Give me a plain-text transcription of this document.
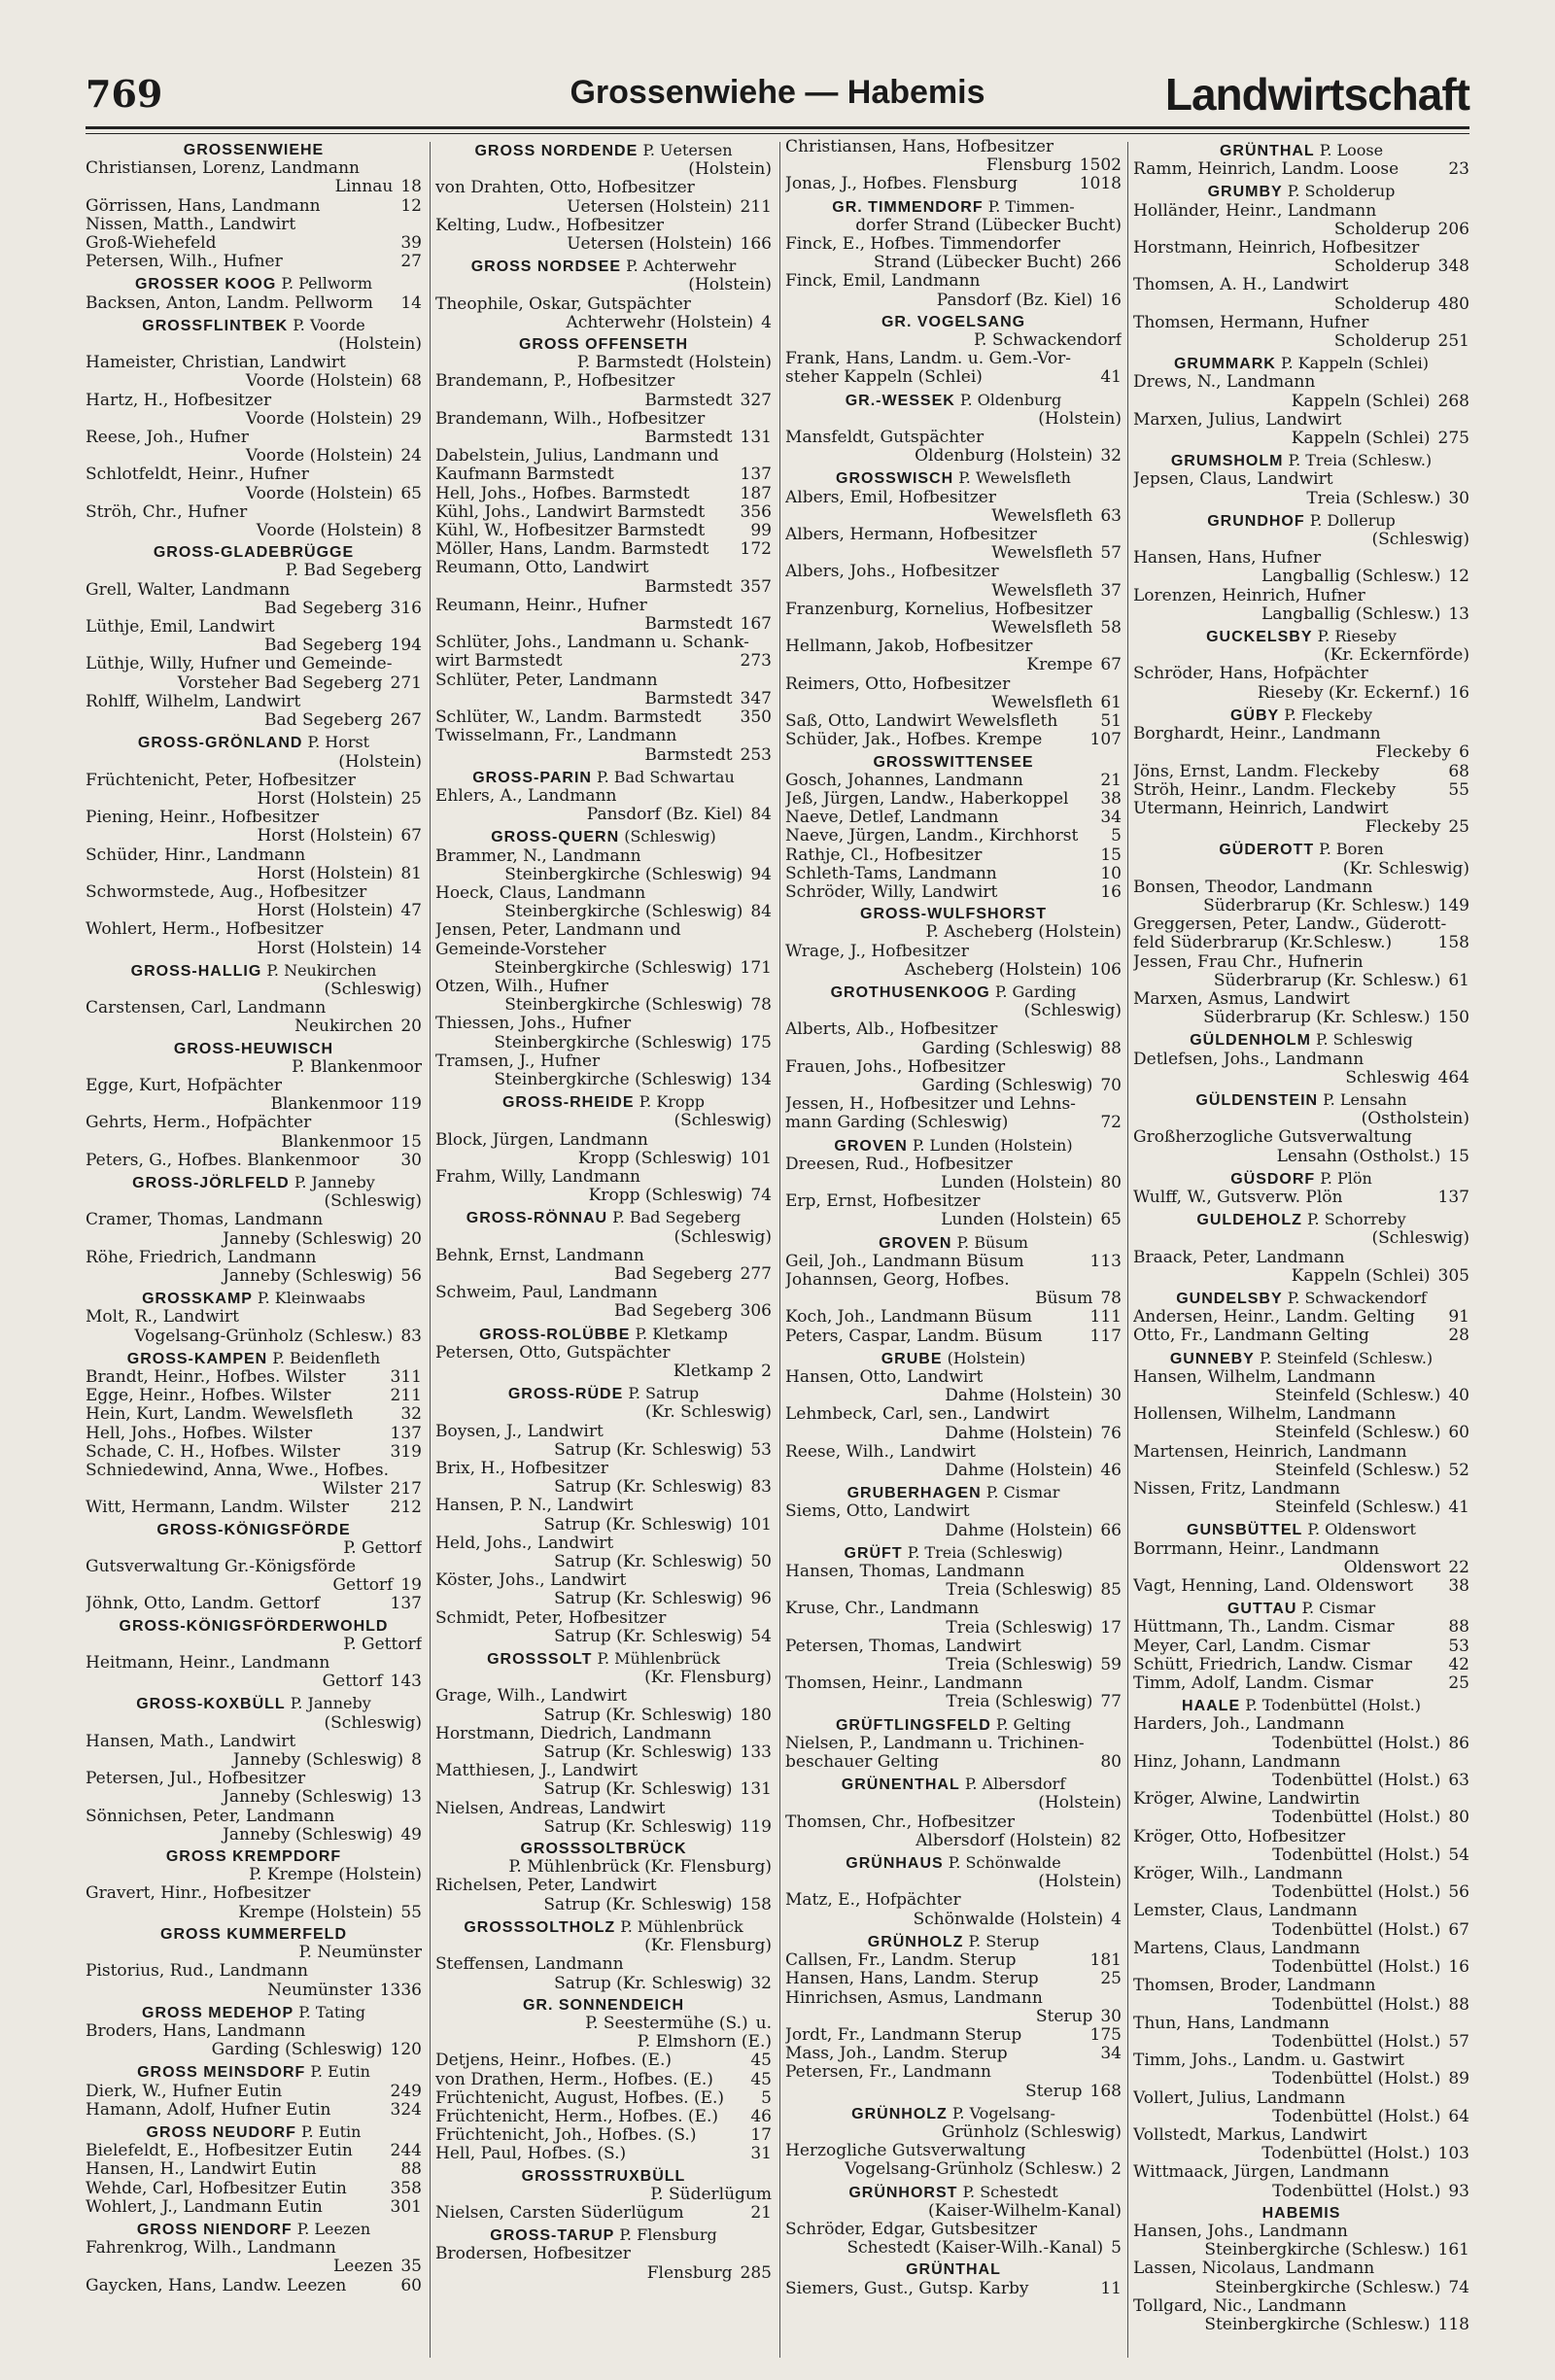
769	Grossenwiehe — Habemis	Landwirtschaft
GROSSENWIEHE
Christiansen, Lorenz, Landmann
Linnau 18
Görrissen, Hans, Landmann	12
Nissen, Matth., Landwirt
Groß-Wiehefeld	39
Petersen, Wilh., Hufner	27
GROSSER KOOG P. Pellworm
Backsen, Anton, Landm. Pellworm 14
GROSSFLINTBEK P. Voorde
(Holstein)
Hameister, Christian, Landwirt
Voorde (Holstein) 68
Hartz, H., Hofbesitzer
Voorde (Holstein) 29
Reese, Joh., Hufner
Voorde (Holstein) 24
Schlotfeldt, Heinr., Hufner
Voorde (Holstein) 65
Ströh, Chr., Hufner
Voorde (Holstein) 8
GROSS-GLADEBRÜGGE
P. Bad Segeberg
Grell, Walter, Landmann
Bad Segeberg 316
Lüthje, Emil, Landwirt
Bad Segeberg 194
Lüthje, Willy, Hufner und Gemeinde-
Vorsteher Bad Segeberg 271
Rohlff, Wilhelm, Landwirt
Bad Segeberg 267
GROSS-GRÖNLAND P. Horst
(Holstein)
Früchtenicht, Peter, Hofbesitzer
Horst (Holstein) 25
Piening, Heinr., Hofbesitzer
Horst (Holstein) 67
Schüder, Hinr., Landmann
Horst (Holstein) 81
Schwormstede, Aug., Hofbesitzer
Horst (Holstein) 47
Wohlert, Herm., Hofbesitzer
Horst (Holstein) 14
GROSS-HALLIG P. Neukirchen
(Schleswig)
Carstensen, Carl, Landmann
Neukirchen 20
GROSS-HEUWISCH
P. Blankenmoor
Egge, Kurt, Hofpächter
Blankenmoor 119
Gehrts, Herm., Hofpächter
Blankenmoor 15
Peters, G., Hofbes. Blankenmoor	30
GROSS-JÖRLFELD P. Janneby
(Schleswig)
Cramer, Thomas, Landmann
Janneby (Schleswig) 20
Röhe, Friedrich, Landmann
Janneby (Schleswig) 56
GROSSKAMP P. Kleinwaabs
Molt, R., Landwirt
Vogelsang-Grünholz (Schlesw.) 83
GROSS-KAMPEN P. Beidenfleth
Brandt, Heinr., Hofbes. Wilster	311
Egge, Heinr., Hofbes. Wilster	211
Hein, Kurt, Landm. Wewelsfleth	32
Hell, Johs., Hofbes. Wilster	137
Schade, C. H., Hofbes. Wilster	319
Schniedewind, Anna, Wwe., Hofbes.
Wilster 217
Witt, Hermann, Landm. Wilster	212
GROSS-KÖNIGSFÖRDE
P. Gettorf
Gutsverwaltung Gr.-Königsförde
Gettorf 19
Jöhnk, Otto, Landm. Gettorf	137
GROSS-KÖNIGSFÖRDERWOHLD
P. Gettorf
Heitmann, Heinr., Landmann
Gettorf 143
GROSS-KOXBÜLL P. Janneby
(Schleswig)
Hansen, Math., Landwirt
Janneby (Schleswig) 8
Petersen, Jul., Hofbesitzer
Janneby (Schleswig) 13
Sönnichsen, Peter, Landmann
Janneby (Schleswig) 49
GROSS KREMPDORF
P. Krempe (Holstein)
Gravert, Hinr., Hofbesitzer
Krempe (Holstein) 55
GROSS KUMMERFELD
P. Neumünster
Pistorius, Rud., Landmann
Neumünster 1336
GROSS MEDEHOP P. Tating
Broders, Hans, Landmann
Garding (Schleswig) 120
GROSS MEINSDORF P. Eutin
Dierk, W., Hufner Eutin	249
Hamann, Adolf, Hufner Eutin	324
GROSS NEUDORF P. Eutin
Bielefeldt, E., Hofbesitzer Eutin 244
Hansen, H., Landwirt Eutin	88
Wehde, Carl, Hofbesitzer Eutin	358
Wohlert, J., Landmann Eutin	301
GROSS NIENDORF P. Leezen
Fahrenkrog, Wilh., Landmann
Leezen 35
Gaycken, Hans, Landw. Leezen	60
GROSS NORDENDE P. Uetersen
(Holstein)
von Drahten, Otto, Hofbesitzer
Uetersen (Holstein) 211
Kelting, Ludw., Hofbesitzer
Uetersen (Holstein) 166
GROSS NORDSEE P. Achterwehr
(Holstein)
Theophile, Oskar, Gutspächter
Achterwehr (Holstein) 4
GROSS OFFENSETH
P. Barmstedt (Holstein)
Brandemann, P., Hofbesitzer
Barmstedt 327
Brandemann, Wilh., Hofbesitzer
Barmstedt 131
Dabelstein, Julius, Landmann und
Kaufmann Barmstedt	137
Hell, Johs., Hofbes. Barmstedt	187
Kühl, Johs., Landwirt Barmstedt 356
Kühl, W., Hofbesitzer Barmstedt	99
Möller, Hans, Landm. Barmstedt 172
Reumann, Otto, Landwirt
Barmstedt 357
Reumann, Heinr., Hufner
Barmstedt 167
Schlüter, Johs., Landmann u. Schank-
wirt Barmstedt	273
Schlüter, Peter, Landmann
Barmstedt 347
Schlüter, W., Landm. Barmstedt 350
Twisselmann, Fr., Landmann
Barmstedt 253
GROSS-PARIN P. Bad Schwartau
Ehlers, A., Landmann
Pansdorf (Bz. Kiel) 84
GROSS-QUERN (Schleswig)
Brammer, N., Landmann
Steinbergkirche (Schleswig) 94
Hoeck, Claus, Landmann
Steinbergkirche (Schleswig) 84
Jensen, Peter, Landmann und
Gemeinde-Vorsteher
Steinbergkirche (Schleswig) 171
Otzen, Wilh., Hufner
Steinbergkirche (Schleswig) 78
Thiessen, Johs., Hufner
Steinbergkirche (Schleswig) 175
Tramsen, J., Hufner
Steinbergkirche (Schleswig) 134
GROSS-RHEIDE P. Kropp
(Schleswig)
Block, Jürgen, Landmann
Kropp (Schleswig) 101
Frahm, Willy, Landmann
Kropp (Schleswig) 74
GROSS-RÖNNAU P. Bad Segeberg
(Schleswig)
Behnk, Ernst, Landmann
Bad Segeberg 277
Schweim, Paul, Landmann
Bad Segeberg 306
GROSS-ROLÜBBE P. Kletkamp
Petersen, Otto, Gutspächter
Kletkamp 2
GROSS-RÜDE P. Satrup
(Kr. Schleswig)
Boysen, J., Landwirt
Satrup (Kr. Schleswig) 53
Brix, H., Hofbesitzer
Satrup (Kr. Schleswig) 83
Hansen, P. N., Landwirt
Satrup (Kr. Schleswig) 101
Held, Johs., Landwirt
Satrup (Kr. Schleswig) 50
Köster, Johs., Landwirt
Satrup (Kr. Schleswig) 96
Schmidt, Peter, Hofbesitzer
Satrup (Kr. Schleswig) 54
GROSSSOLT P. Mühlenbrück
(Kr. Flensburg)
Grage, Wilh., Landwirt
Satrup (Kr. Schleswig) 180
Horstmann, Diedrich, Landmann
Satrup (Kr. Schleswig) 133
Matthiesen, J., Landwirt
Satrup (Kr. Schleswig) 131
Nielsen, Andreas, Landwirt
Satrup (Kr. Schleswig) 119
GROSSSOLTBRÜCK
P. Mühlenbrück (Kr. Flensburg)
Richelsen, Peter, Landwirt
Satrup (Kr. Schleswig) 158
GROSSSOLTHOLZ P. Mühlenbrück
(Kr. Flensburg)
Steffensen, Landmann
Satrup (Kr. Schleswig) 32
GR. SONNENDEICH
P. Seestermühe (S.) u.
P. Elmshorn (E.)
Detjens, Heinr., Hofbes. (E.)	45
von Drathen, Herm., Hofbes. (E.) 45
Früchtenicht, August, Hofbes. (E.) 5
Früchtenicht, Herm., Hofbes. (E.) 46
Früchtenicht, Joh., Hofbes. (S.)	17
Hell, Paul, Hofbes. (S.)	31
GROSSSTRUXBÜLL
P. Süderlügum
Nielsen, Carsten Süderlügum	21
GROSS-TARUP P. Flensburg
Brodersen, Hofbesitzer
Flensburg 285
Christiansen, Hans, Hofbesitzer
Flensburg 1502
Jonas, J., Hofbes. Flensburg	1018
GR. TIMMENDORF P. Timmen-
dorfer Strand (Lübecker Bucht)
Finck, E., Hofbes. Timmendorfer
Strand (Lübecker Bucht) 266
Finck, Emil, Landmann
Pansdorf (Bz. Kiel) 16
GR. VOGELSANG
P. Schwackendorf
Frank, Hans, Landm. u. Gem.-Vor-
steher Kappeln (Schlei)	41
GR.-WESSEK P. Oldenburg
(Holstein)
Mansfeldt, Gutspächter
Oldenburg (Holstein) 32
GROSSWISCH P. Wewelsfleth
Albers, Emil, Hofbesitzer
Wewelsfleth 63
Albers, Hermann, Hofbesitzer
Wewelsfleth 57
Albers, Johs., Hofbesitzer
Wewelsfleth 37
Franzenburg, Kornelius, Hofbesitzer
Wewelsfleth 58
Hellmann, Jakob, Hofbesitzer
Krempe 67
Reimers, Otto, Hofbesitzer
Wewelsfleth 61
Saß, Otto, Landwirt Wewelsfleth	51
Schüder, Jak., Hofbes. Krempe	107
GROSSWITTENSEE
Gosch, Johannes, Landmann	21
Jeß, Jürgen, Landw., Haberkoppel 38
Naeve, Detlef, Landmann	34
Naeve, Jürgen, Landm., Kirchhorst 5
Rathje, Cl., Hofbesitzer	15
Schleth-Tams, Landmann	10
Schröder, Willy, Landwirt	16
GROSS-WULFSHORST
P. Ascheberg (Holstein)
Wrage, J., Hofbesitzer
Ascheberg (Holstein) 106
GROTHUSENKOOG P. Garding
(Schleswig)
Alberts, Alb., Hofbesitzer
Garding (Schleswig) 88
Frauen, Johs., Hofbesitzer
Garding (Schleswig) 70
Jessen, H., Hofbesitzer und Lehns-
mann Garding (Schleswig)	72
GROVEN P. Lunden (Holstein)
Dreesen, Rud., Hofbesitzer
Lunden (Holstein) 80
Erp, Ernst, Hofbesitzer
Lunden (Holstein) 65
GROVEN P. Büsum
Geil, Joh., Landmann Büsum	113
Johannsen, Georg, Hofbes.
Büsum 78
Koch, Joh., Landmann Büsum	111
Peters, Caspar, Landm. Büsum	117
GRUBE (Holstein)
Hansen, Otto, Landwirt
Dahme (Holstein) 30
Lehmbeck, Carl, sen., Landwirt
Dahme (Holstein) 76
Reese, Wilh., Landwirt
Dahme (Holstein) 46
GRUBERHAGEN P. Cismar
Siems, Otto, Landwirt
Dahme (Holstein) 66
GRÜFT P. Treia (Schleswig)
Hansen, Thomas, Landmann
Treia (Schleswig) 85
Kruse, Chr., Landmann
Treia (Schleswig) 17
Petersen, Thomas, Landwirt
Treia (Schleswig) 59
Thomsen, Heinr., Landmann
Treia (Schleswig) 77
GRÜFTLINGSFELD P. Gelting
Nielsen, P., Landmann u. Trichinen-
beschauer Gelting	80
GRÜNENTHAL P. Albersdorf
(Holstein)
Thomsen, Chr., Hofbesitzer
Albersdorf (Holstein) 82
GRÜNHAUS P. Schönwalde
(Holstein)
Matz, E., Hofpächter
Schönwalde (Holstein) 4
GRÜNHOLZ P. Sterup
Callsen, Fr., Landm. Sterup	181
Hansen, Hans, Landm. Sterup	25
Hinrichsen, Asmus, Landmann
Sterup 30
Jordt, Fr., Landmann Sterup	175
Mass, Joh., Landm. Sterup	34
Petersen, Fr., Landmann
Sterup 168
GRÜNHOLZ P. Vogelsang-
Grünholz (Schleswig)
Herzogliche Gutsverwaltung
Vogelsang-Grünholz (Schlesw.) 2
GRÜNHORST P. Schestedt
(Kaiser-Wilhelm-Kanal)
Schröder, Edgar, Gutsbesitzer
Schestedt (Kaiser-Wilh.-Kanal) 5
GRÜNTHAL
Siemers, Gust., Gutsp. Karby	11
GRÜNTHAL P. Loose
Ramm, Heinrich, Landm. Loose	23
GRUMBY P. Scholderup
Holländer, Heinr., Landmann
Scholderup 206
Horstmann, Heinrich, Hofbesitzer
Scholderup 348
Thomsen, A. H., Landwirt
Scholderup 480
Thomsen, Hermann, Hufner
Scholderup 251
GRUMMARK P. Kappeln (Schlei)
Drews, N., Landmann
Kappeln (Schlei) 268
Marxen, Julius, Landwirt
Kappeln (Schlei) 275
GRUMSHOLM P. Treia (Schlesw.)
Jepsen, Claus, Landwirt
Treia (Schlesw.) 30
GRUNDHOF P. Dollerup
(Schleswig)
Hansen, Hans, Hufner
Langballig (Schlesw.) 12
Lorenzen, Heinrich, Hufner
Langballig (Schlesw.) 13
GUCKELSBY P. Rieseby
(Kr. Eckernförde)
Schröder, Hans, Hofpächter
Rieseby (Kr. Eckernf.) 16
GÜBY P. Fleckeby
Borghardt, Heinr., Landmann
Fleckeby 6
Jöns, Ernst, Landm. Fleckeby	68
Ströh, Heinr., Landm. Fleckeby	55
Utermann, Heinrich, Landwirt
Fleckeby 25
GÜDEROTT P. Boren
(Kr. Schleswig)
Bonsen, Theodor, Landmann
Süderbrarup (Kr. Schlesw.) 149
Greggersen, Peter, Landw., Güderott-
feld Süderbrarup (Kr.Schlesw.)	158
Jessen, Frau Chr., Hufnerin
Süderbrarup (Kr. Schlesw.) 61
Marxen, Asmus, Landwirt
Süderbrarup (Kr. Schlesw.) 150
GÜLDENHOLM P. Schleswig
Detlefsen, Johs., Landmann
Schleswig 464
GÜLDENSTEIN P. Lensahn
(Ostholstein)
Großherzogliche Gutsverwaltung
Lensahn (Ostholst.) 15
GÜSDORF P. Plön
Wulff, W., Gutsverw. Plön	137
GULDEHOLZ P. Schorreby
(Schleswig)
Braack, Peter, Landmann
Kappeln (Schlei) 305
GUNDELSBY P. Schwackendorf
Andersen, Heinr., Landm. Gelting 91
Otto, Fr., Landmann Gelting	28
GUNNEBY P. Steinfeld (Schlesw.)
Hansen, Wilhelm, Landmann
Steinfeld (Schlesw.) 40
Hollensen, Wilhelm, Landmann
Steinfeld (Schlesw.) 60
Martensen, Heinrich, Landmann
Steinfeld (Schlesw.) 52
Nissen, Fritz, Landmann
Steinfeld (Schlesw.) 41
GUNSBÜTTEL P. Oldenswort
Borrmann, Heinr., Landmann
Oldenswort 22
Vagt, Henning, Land. Oldenswort 38
GUTTAU P. Cismar
Hüttmann, Th., Landm. Cismar	88
Meyer, Carl, Landm. Cismar	53
Schütt, Friedrich, Landw. Cismar 42
Timm, Adolf, Landm. Cismar	25
HAALE P. Todenbüttel (Holst.)
Harders, Joh., Landmann
Todenbüttel (Holst.) 86
Hinz, Johann, Landmann
Todenbüttel (Holst.) 63
Kröger, Alwine, Landwirtin
Todenbüttel (Holst.) 80
Kröger, Otto, Hofbesitzer
Todenbüttel (Holst.) 54
Kröger, Wilh., Landmann
Todenbüttel (Holst.) 56
Lemster, Claus, Landmann
Todenbüttel (Holst.) 67
Martens, Claus, Landmann
Todenbüttel (Holst.) 16
Thomsen, Broder, Landmann
Todenbüttel (Holst.) 88
Thun, Hans, Landmann
Todenbüttel (Holst.) 57
Timm, Johs., Landm. u. Gastwirt
Todenbüttel (Holst.) 89
Vollert, Julius, Landmann
Todenbüttel (Holst.) 64
Vollstedt, Markus, Landwirt
Todenbüttel (Holst.) 103
Wittmaack, Jürgen, Landmann
Todenbüttel (Holst.) 93
HABEMIS
Hansen, Johs., Landmann
Steinbergkirche (Schlesw.) 161
Lassen, Nicolaus, Landmann
Steinbergkirche (Schlesw.) 74
Tollgard, Nic., Landmann
Steinbergkirche (Schlesw.) 118
